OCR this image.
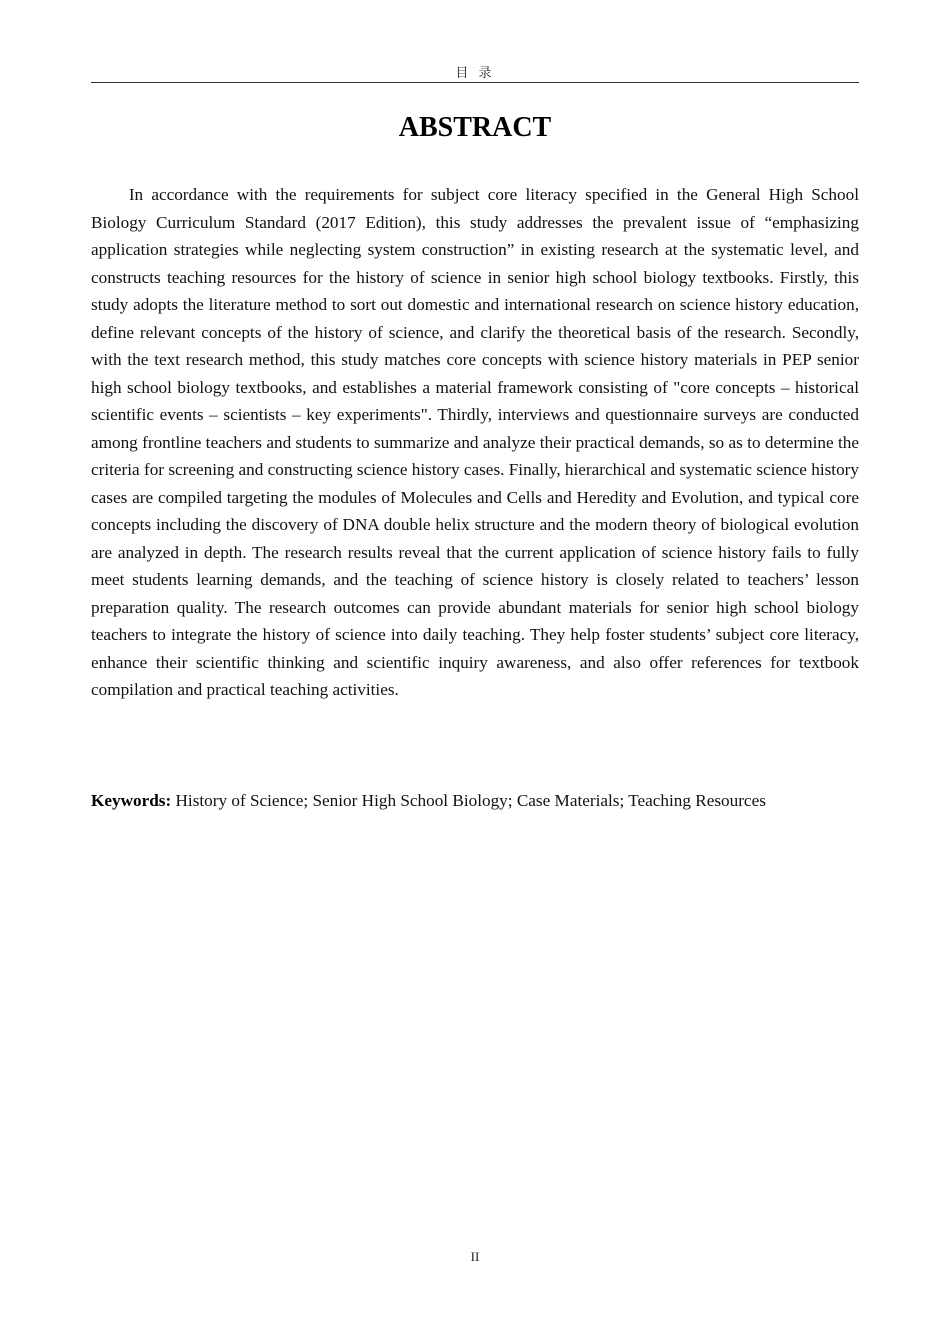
目 录
ABSTRACT

In accordance with the requirements for subject core literacy specified in the General High School Biology Curriculum Standard (2017 Edition), this study addresses the prevalent issue of “emphasizing application strategies while neglecting system construction” in existing research at the systematic level, and constructs teaching resources for the history of science in senior high school biology textbooks. Firstly, this study adopts the literature method to sort out domestic and international research on science history education, define relevant concepts of the history of science, and clarify the theoretical basis of the research. Secondly, with the text research method, this study matches core concepts with science history materials in PEP senior high school biology textbooks, and establishes a material framework consisting of "core concepts – historical scientific events – scientists – key experiments". Thirdly, interviews and questionnaire surveys are conducted among frontline teachers and students to summarize and analyze their practical demands, so as to determine the criteria for screening and constructing science history cases. Finally, hierarchical and systematic science history cases are compiled targeting the modules of Molecules and Cells and Heredity and Evolution, and typical core concepts including the discovery of DNA double helix structure and the modern theory of biological evolution are analyzed in depth. The research results reveal that the current application of science history fails to fully meet students learning demands, and the teaching of science history is closely related to teachers’ lesson preparation quality. The research outcomes can provide abundant materials for senior high school biology teachers to integrate the history of science into daily teaching. They help foster students’ subject core literacy, enhance their scientific thinking and scientific inquiry awareness, and also offer references for textbook compilation and practical teaching activities.

Keywords: History of Science; Senior High School Biology; Case Materials; Teaching Resources

II
